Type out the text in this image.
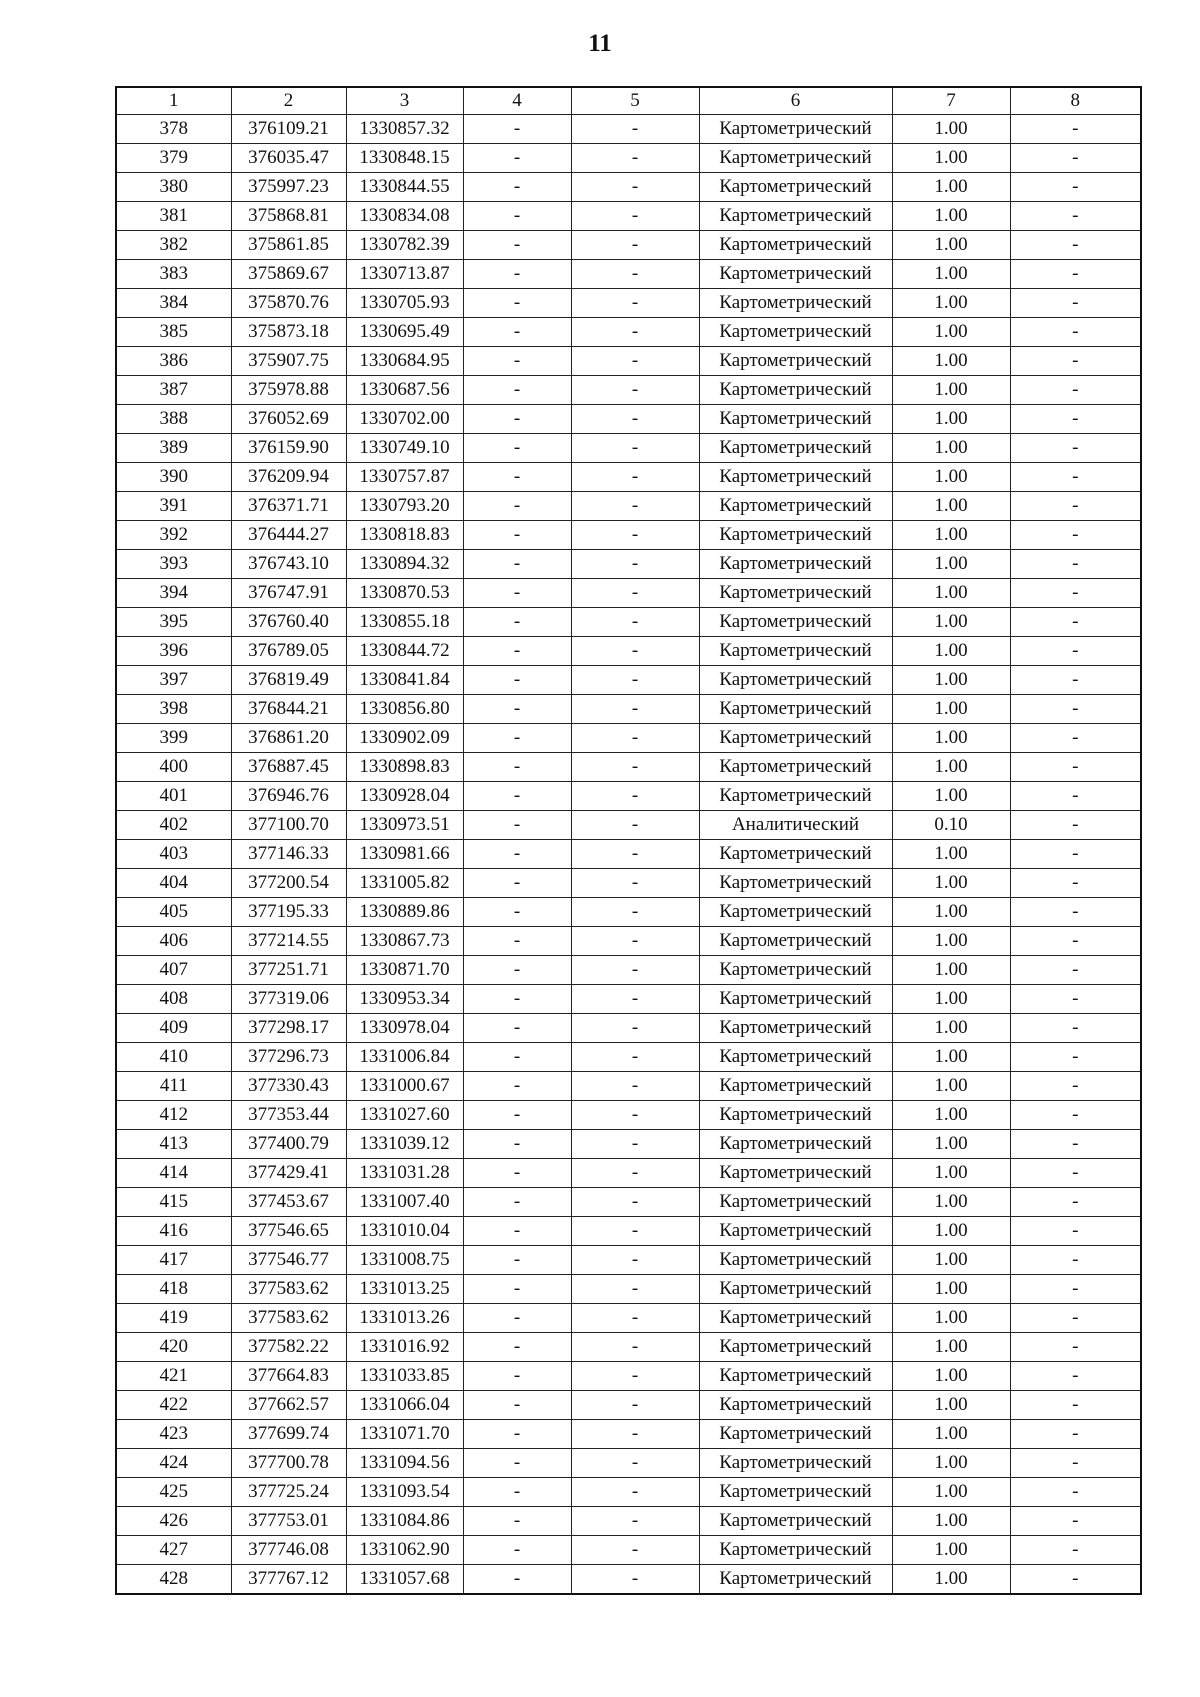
11
1	2	3	4	5	6	7	8
378	376109.21	1330857.32	-	-	Картометрический	1.00	-
379	376035.47	1330848.15	-	-	Картометрический	1.00	-
380	375997.23	1330844.55	-	-	Картометрический	1.00	-
381	375868.81	1330834.08	-	-	Картометрический	1.00	-
382	375861.85	1330782.39	-	-	Картометрический	1.00	-
383	375869.67	1330713.87	-	-	Картометрический	1.00	-
384	375870.76	1330705.93	-	-	Картометрический	1.00	-
385	375873.18	1330695.49	-	-	Картометрический	1.00	-
386	375907.75	1330684.95	-	-	Картометрический	1.00	-
387	375978.88	1330687.56	-	-	Картометрический	1.00	-
388	376052.69	1330702.00	-	-	Картометрический	1.00	-
389	376159.90	1330749.10	-	-	Картометрический	1.00	-
390	376209.94	1330757.87	-	-	Картометрический	1.00	-
391	376371.71	1330793.20	-	-	Картометрический	1.00	-
392	376444.27	1330818.83	-	-	Картометрический	1.00	-
393	376743.10	1330894.32	-	-	Картометрический	1.00	-
394	376747.91	1330870.53	-	-	Картометрический	1.00	-
395	376760.40	1330855.18	-	-	Картометрический	1.00	-
396	376789.05	1330844.72	-	-	Картометрический	1.00	-
397	376819.49	1330841.84	-	-	Картометрический	1.00	-
398	376844.21	1330856.80	-	-	Картометрический	1.00	-
399	376861.20	1330902.09	-	-	Картометрический	1.00	-
400	376887.45	1330898.83	-	-	Картометрический	1.00	-
401	376946.76	1330928.04	-	-	Картометрический	1.00	-
402	377100.70	1330973.51	-	-	Аналитический	0.10	-
403	377146.33	1330981.66	-	-	Картометрический	1.00	-
404	377200.54	1331005.82	-	-	Картометрический	1.00	-
405	377195.33	1330889.86	-	-	Картометрический	1.00	-
406	377214.55	1330867.73	-	-	Картометрический	1.00	-
407	377251.71	1330871.70	-	-	Картометрический	1.00	-
408	377319.06	1330953.34	-	-	Картометрический	1.00	-
409	377298.17	1330978.04	-	-	Картометрический	1.00	-
410	377296.73	1331006.84	-	-	Картометрический	1.00	-
411	377330.43	1331000.67	-	-	Картометрический	1.00	-
412	377353.44	1331027.60	-	-	Картометрический	1.00	-
413	377400.79	1331039.12	-	-	Картометрический	1.00	-
414	377429.41	1331031.28	-	-	Картометрический	1.00	-
415	377453.67	1331007.40	-	-	Картометрический	1.00	-
416	377546.65	1331010.04	-	-	Картометрический	1.00	-
417	377546.77	1331008.75	-	-	Картометрический	1.00	-
418	377583.62	1331013.25	-	-	Картометрический	1.00	-
419	377583.62	1331013.26	-	-	Картометрический	1.00	-
420	377582.22	1331016.92	-	-	Картометрический	1.00	-
421	377664.83	1331033.85	-	-	Картометрический	1.00	-
422	377662.57	1331066.04	-	-	Картометрический	1.00	-
423	377699.74	1331071.70	-	-	Картометрический	1.00	-
424	377700.78	1331094.56	-	-	Картометрический	1.00	-
425	377725.24	1331093.54	-	-	Картометрический	1.00	-
426	377753.01	1331084.86	-	-	Картометрический	1.00	-
427	377746.08	1331062.90	-	-	Картометрический	1.00	-
428	377767.12	1331057.68	-	-	Картометрический	1.00	-
